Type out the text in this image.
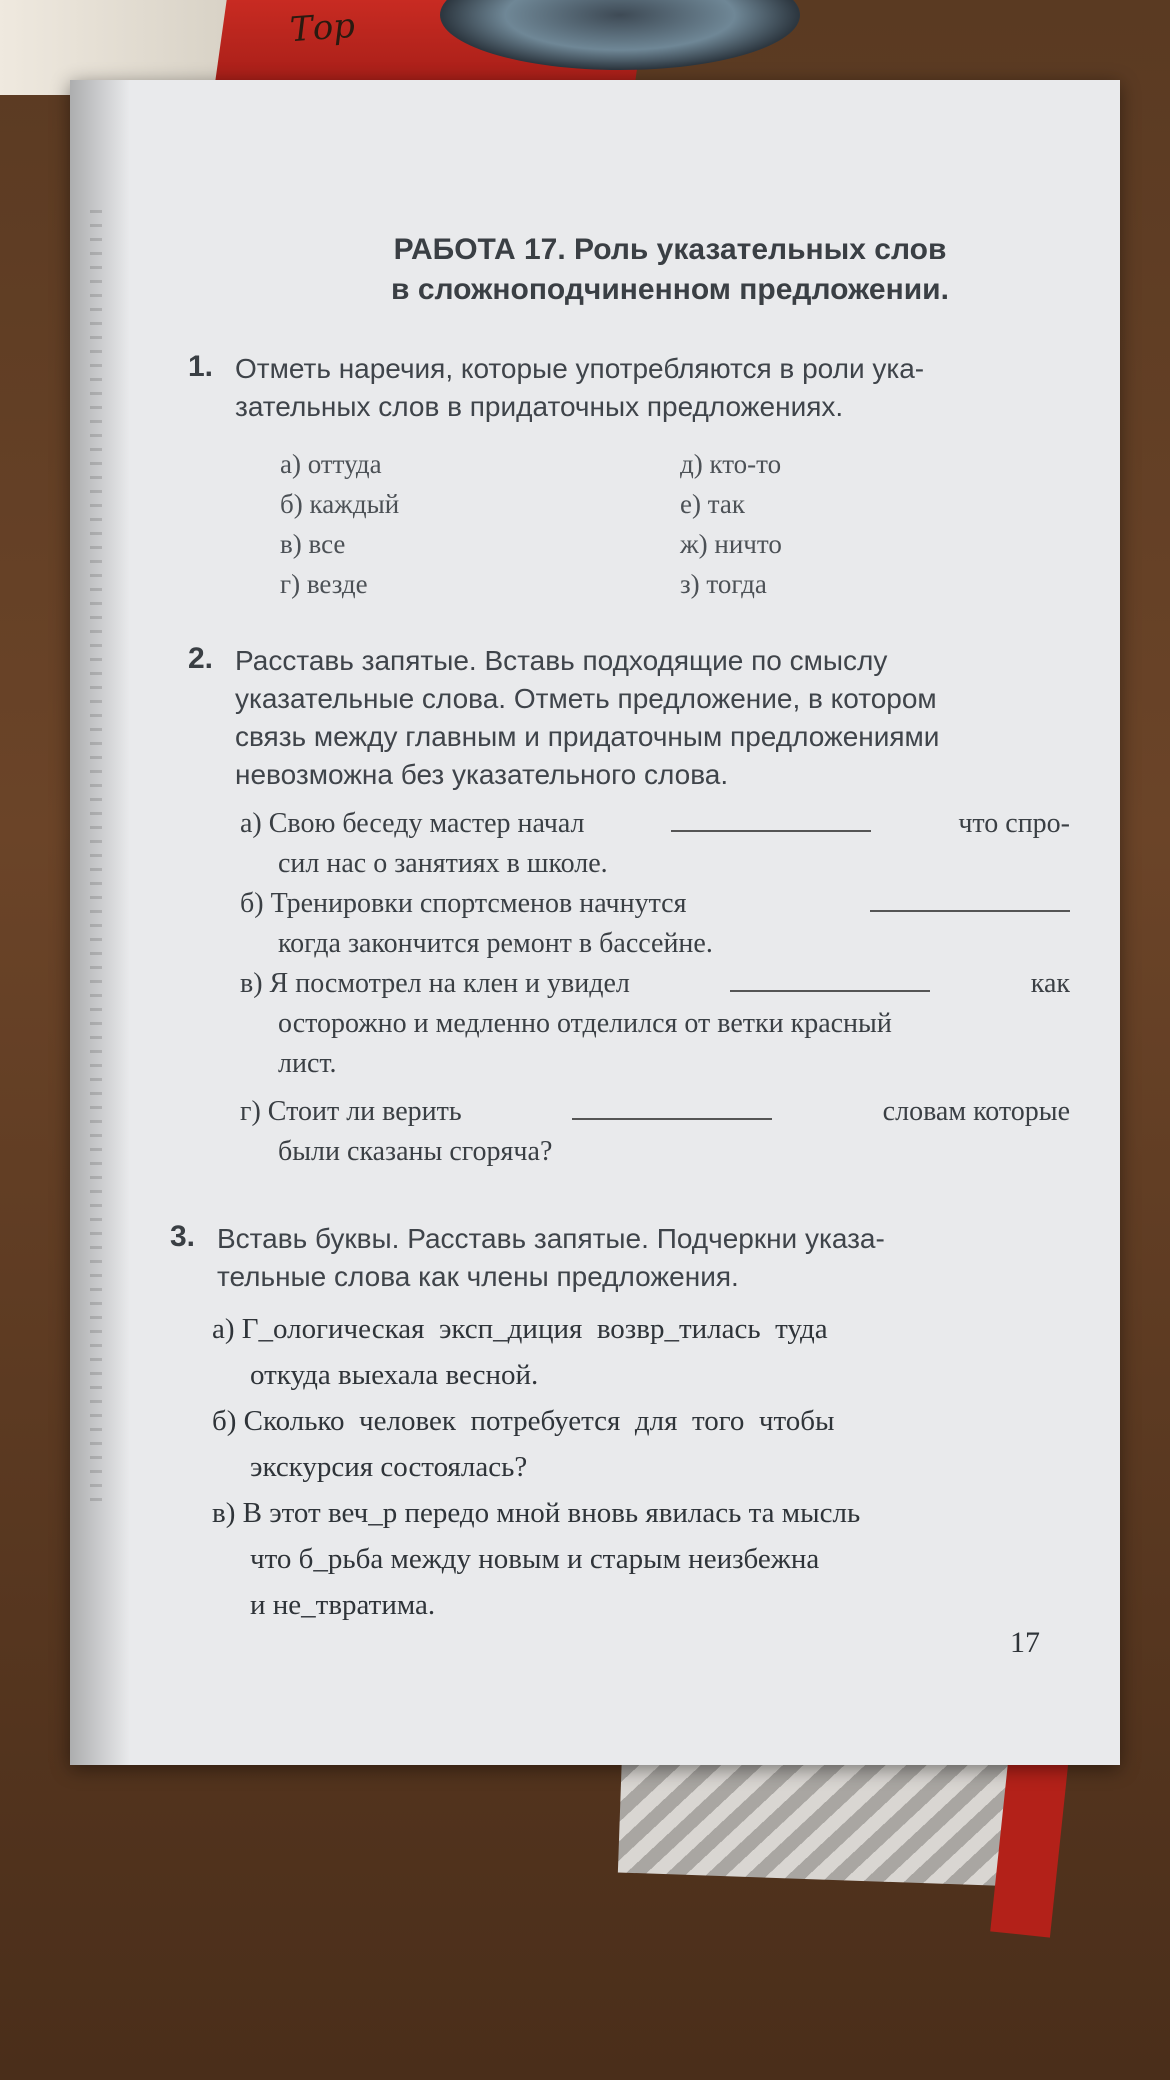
Тор
РАБОТА 17. Роль указательных слов
в сложноподчиненном предложении.
1. Отметь наречия, которые употребляются в роли ука-
зательных слов в придаточных предложениях.
а) оттуда	д) кто-то
б) каждый	е) так
в) все	ж) ничто
г) везде	з) тогда
2. Расставь запятые. Вставь подходящие по смыслу
указательные слова. Отметь предложение, в котором
связь между главным и придаточным предложениями
невозможна без указательного слова.
а) Свою беседу мастер начал	что спро-
сил нас о занятиях в школе.
б) Тренировки спортсменов начнутся
когда закончится ремонт в бассейне.
в) Я посмотрел на клен и увидел	как
осторожно и медленно отделился от ветки красный
лист.
г) Стоит ли верить	словам которые
были сказаны сгоряча?
3. Вставь буквы. Расставь запятые. Подчеркни указа-
тельные слова как члены предложения.
а) Г_ологическая  эксп_диция  возвр_тилась  туда
откуда выехала весной.
б) Сколько  человек  потребуется  для  того  чтобы
экскурсия состоялась?
в) В этот веч_р передо мной вновь явилась та мысль
что б_рьба между новым и старым неизбежна
и не_твратима.
17
